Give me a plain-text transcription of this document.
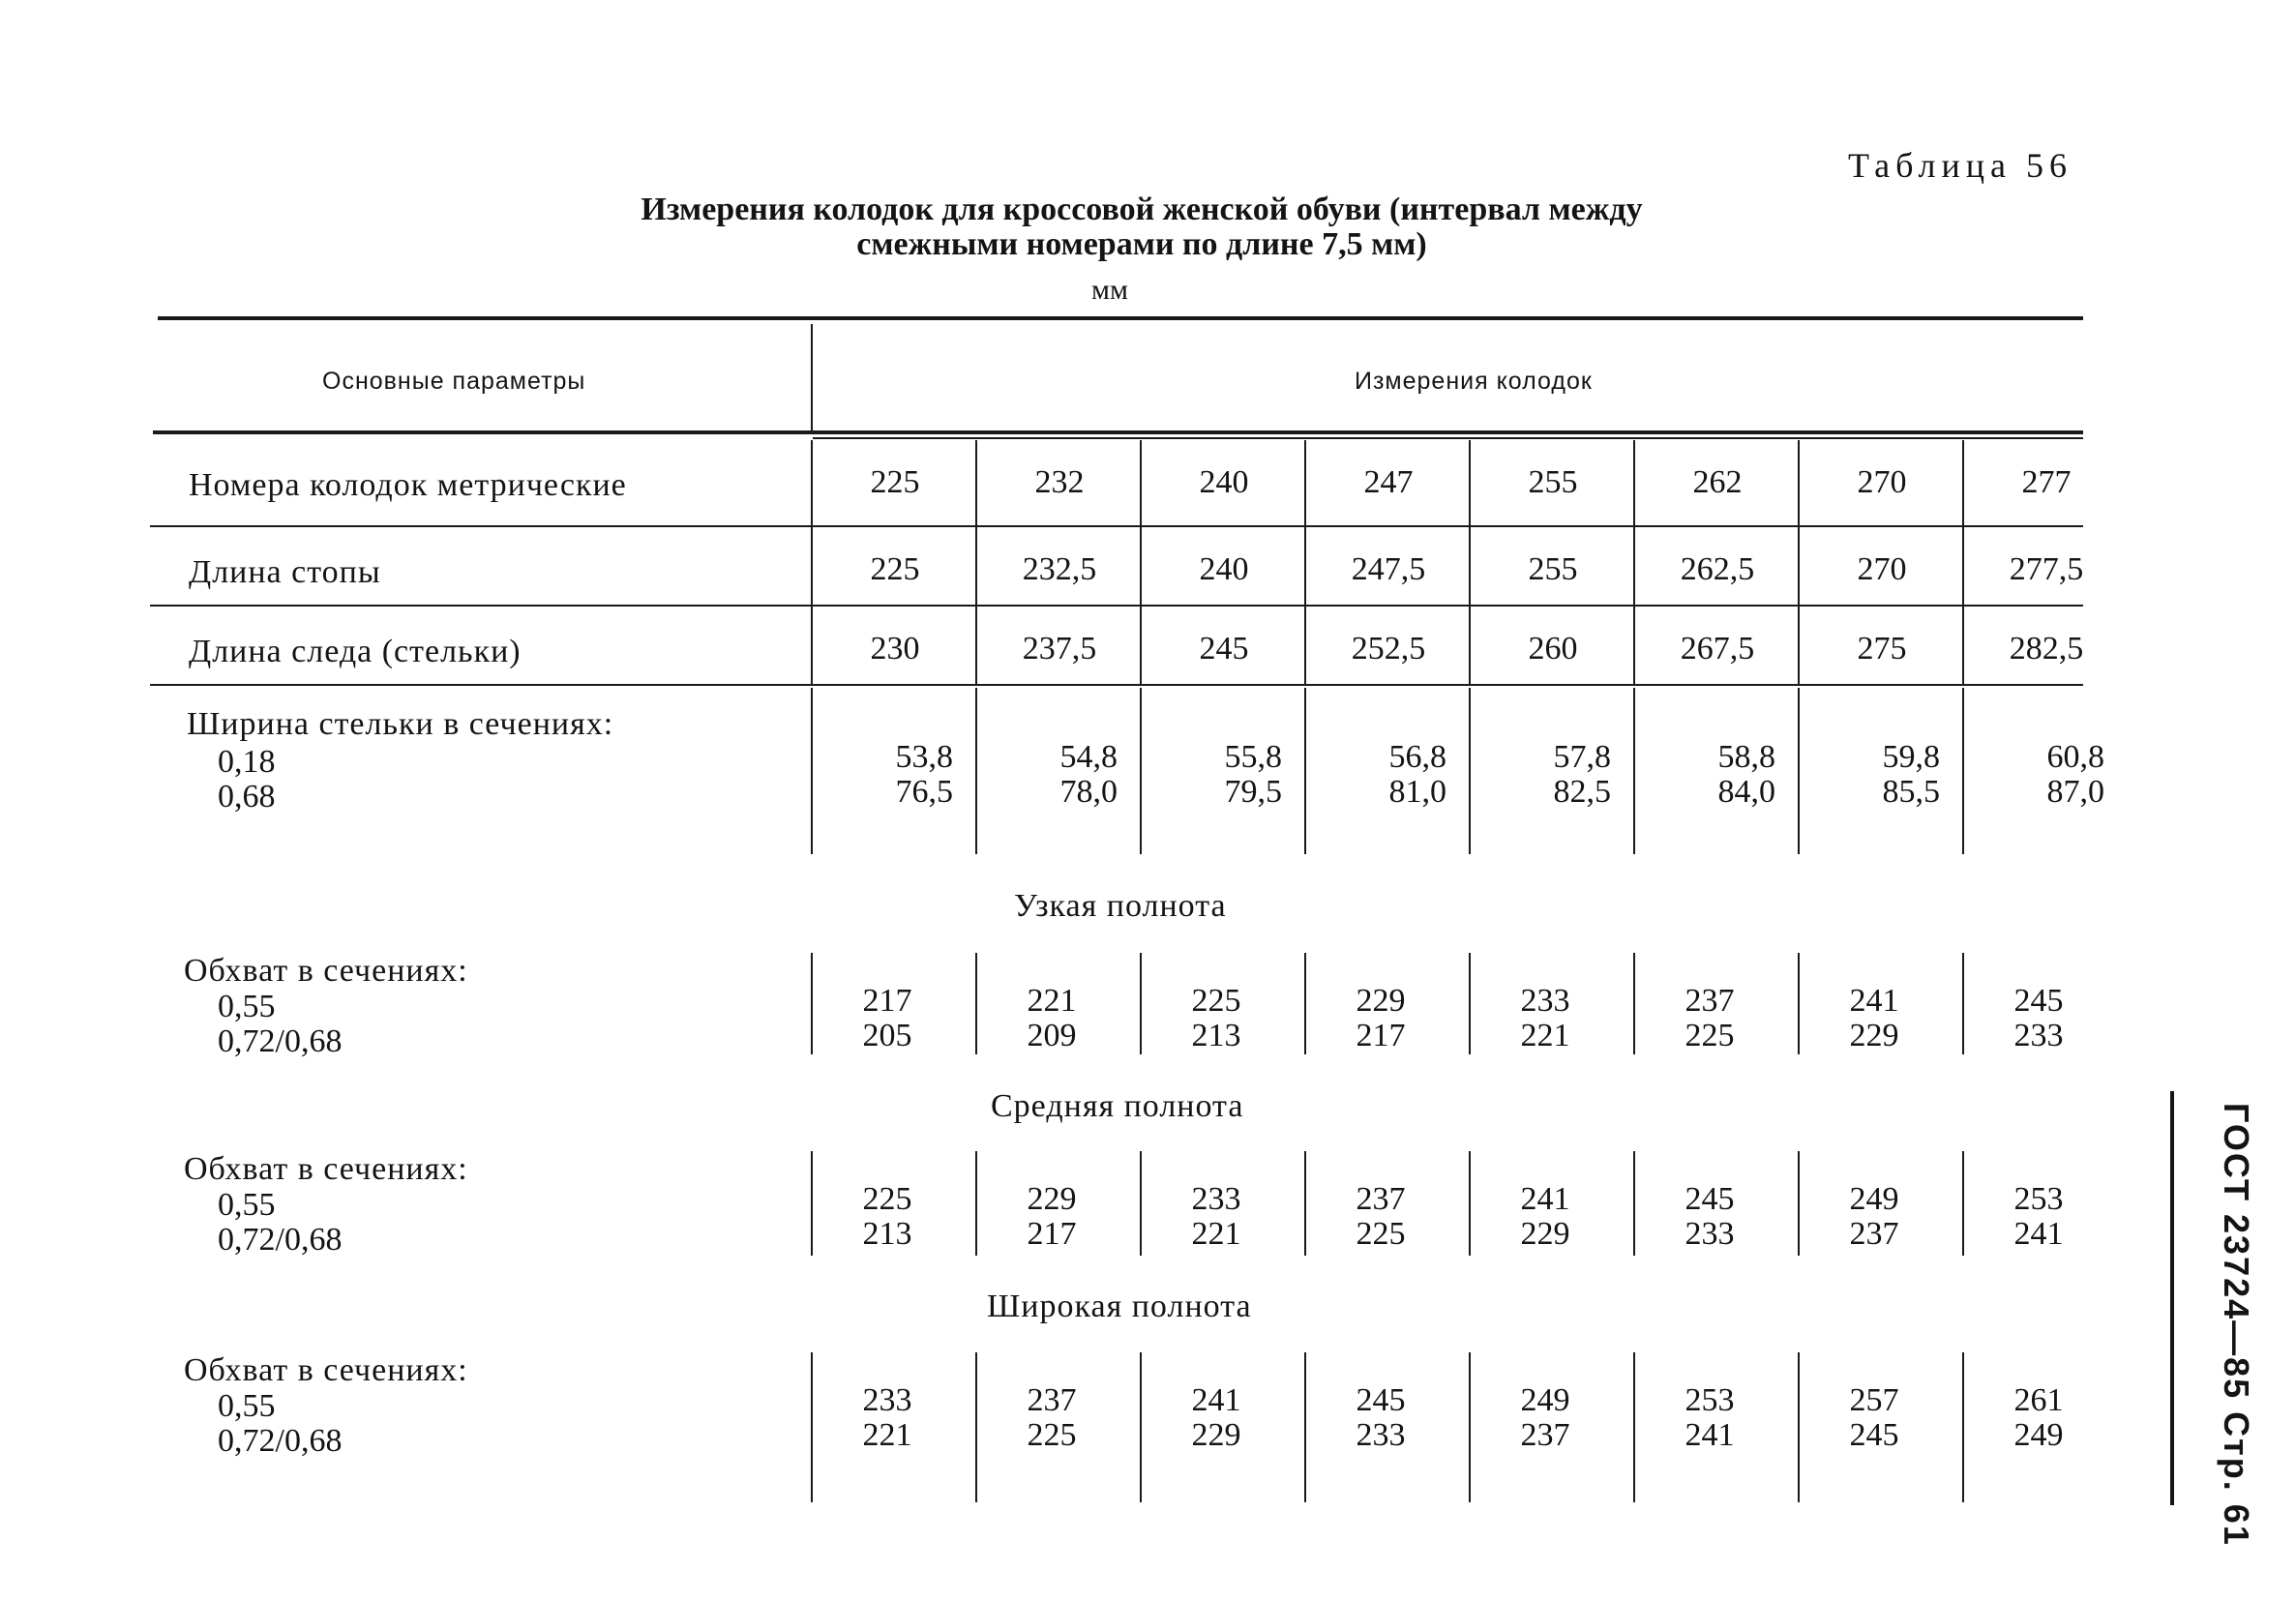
Таблица 56
Измерения колодок для кроссовой женской обуви (интервал между
смежными номерами по длине 7,5 мм)
мм
Основные параметры	Измерения колодок
Номера колодок метрические	225	232	240	247	255	262	270	277
Длина стопы	225	232,5	240	247,5	255	262,5	270	277,5
Длина следа (стельки)	230	237,5	245	252,5	260	267,5	275	282,5
Ширина стельки в сечениях:
0,18
0,68
53,8	54,8	55,8	56,8	57,8	58,8	59,8	60,8
76,5	78,0	79,5	81,0	82,5	84,0	85,5	87,0
Узкая полнота
Обхват в сечениях:
0,55
0,72/0,68
217	221	225	229	233	237	241	245
205	209	213	217	221	225	229	233
Средняя полнота
Обхват в сечениях:
0,55
0,72/0,68
225	229	233	237	241	245	249	253
213	217	221	225	229	233	237	241
Широкая полнота
Обхват в сечениях:
0,55
0,72/0,68
233	237	241	245	249	253	257	261
221	225	229	233	237	241	245	249	ГОСТ 23724—85 Стр. 61
